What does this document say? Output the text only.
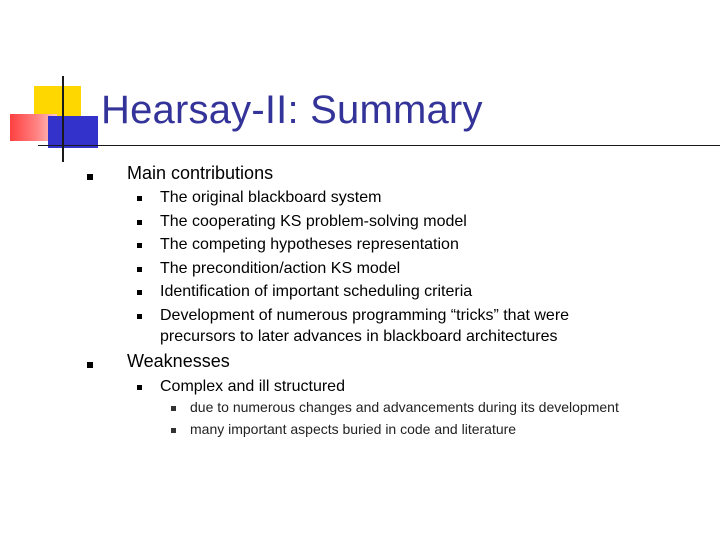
Hearsay-II: Summary
Main contributions
The original blackboard system
The cooperating KS problem-solving model
The competing hypotheses representation
The precondition/action KS model
Identification of important scheduling criteria
Development of numerous programming “tricks” that were
precursors to later advances in blackboard architectures
Weaknesses
Complex and ill structured
due to numerous changes and advancements during its development
many important aspects buried in code and literature
